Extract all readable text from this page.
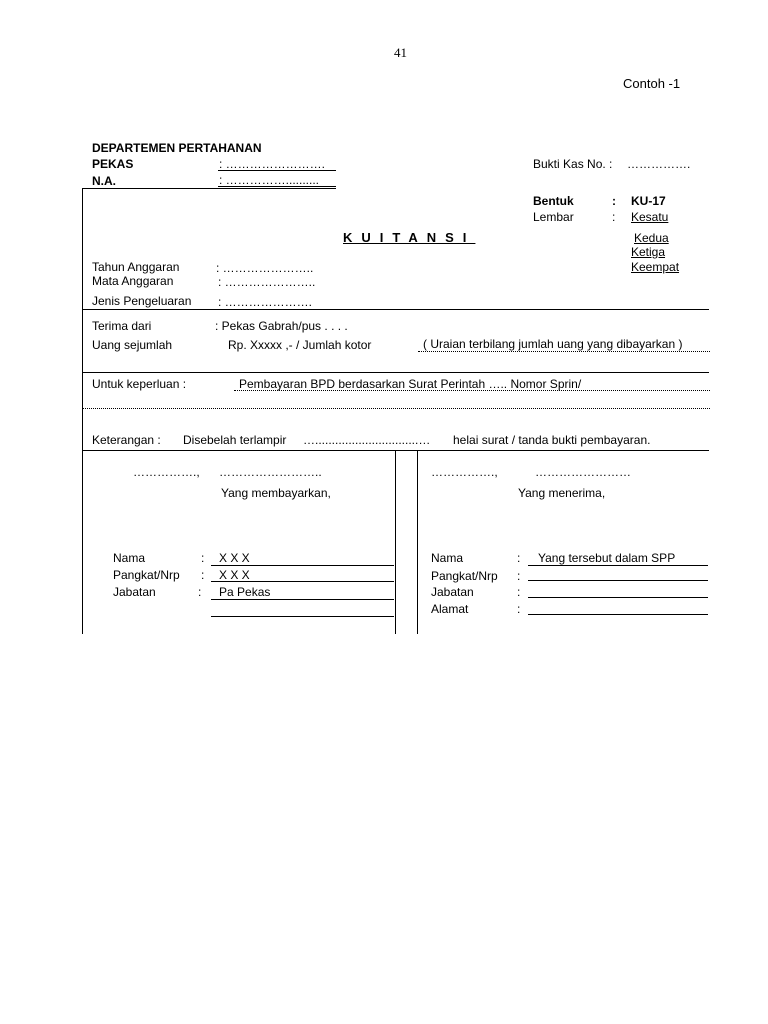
41
Contoh -1
DEPARTEMEN PERTAHANAN
PEKAS	: …………………….
N.A.	: ……………..........
Bukti Kas No. : …………….
Bentuk	: KU-17
Lembar	: Kesatu
Kedua
Ketiga
Keempat
KUITANSI
Tahun Anggaran	: …………………..
Mata Anggaran	: …………………..
Jenis Pengeluaran : ………………….
Terima dari	: Pekas Gabrah/pus . . . .
Uang sejumlah	Rp. Xxxxx ,- / Jumlah kotor	( Uraian terbilang jumlah uang yang dibayarkan )
Untuk keperluan :	Pembayaran BPD berdasarkan Surat Perintah ….. Nomor Sprin/
Keterangan : Disebelah terlampir …...............................… helai surat / tanda bukti pembayaran.
……………., ……………………..
Yang membayarkan,
Nama	: X X X
Pangkat/Nrp : X X X
Jabatan	: Pa Pekas
…………….,	……………………
Yang menerima,
Nama	: Yang tersebut dalam SPP
Pangkat/Nrp :
Jabatan	:
Alamat	:
